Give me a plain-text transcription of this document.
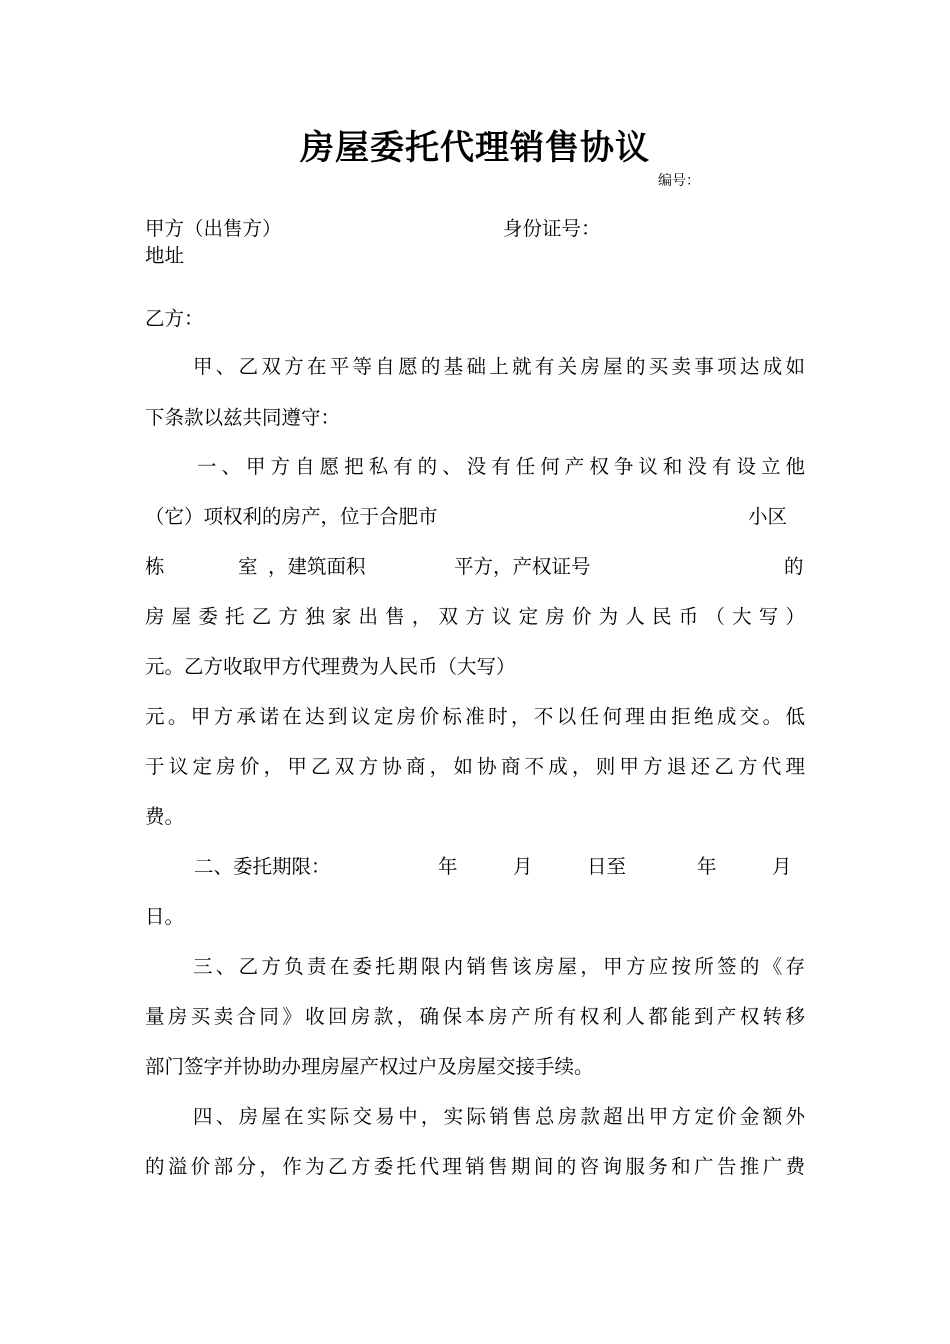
房屋委托代理销售协议
编号：
甲方（出售方）	身份证号：
地址
乙方：
甲、乙双方在平等自愿的基础上就有关房屋的买卖事项达成如
下条款以兹共同遵守：
一、甲方自愿把私有的、没有任何产权争议和没有设立他
（它）项权利的房产，位于合肥市	小区
栋	室 ，建筑面积	平方，产权证号	的
房屋委托乙方独家出售，双方议定房价为人民币（大写）
元。乙方收取甲方代理费为人民币（大写）
元。甲方承诺在达到议定房价标准时，不以任何理由拒绝成交。低
于议定房价，甲乙双方协商，如协商不成，则甲方退还乙方代理
费。
二、委托期限：	年	月	日至	年	月
日。
三、乙方负责在委托期限内销售该房屋，甲方应按所签的《存
量房买卖合同》收回房款，确保本房产所有权利人都能到产权转移
部门签字并协助办理房屋产权过户及房屋交接手续。
四、房屋在实际交易中，实际销售总房款超出甲方定价金额外
的溢价部分，作为乙方委托代理销售期间的咨询服务和广告推广费
